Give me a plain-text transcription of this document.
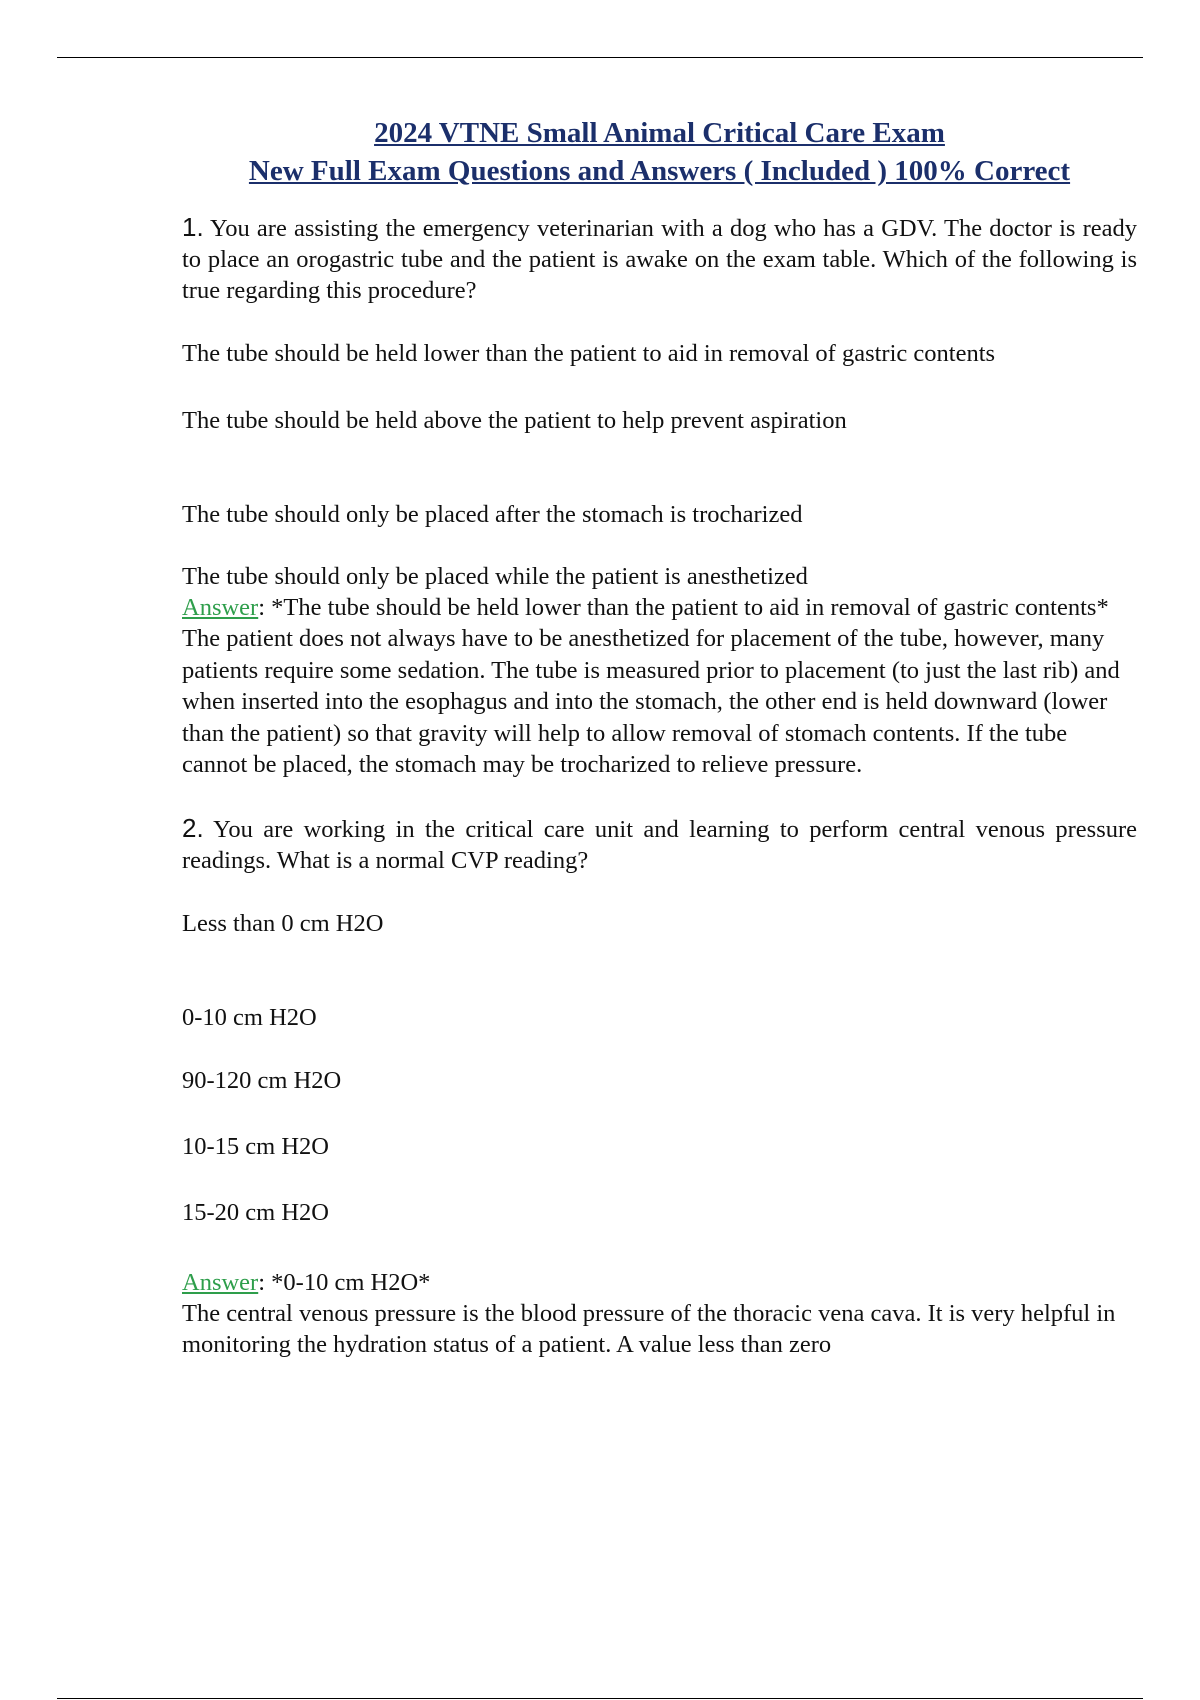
2024 VTNE Small Animal Critical Care Exam

New Full Exam Questions and Answers ( Included ) 100% Correct

1. You are assisting the emergency veterinarian with a dog who has a GDV. The doctor is ready to place an orogastric tube and the patient is awake on the exam table. Which of the following is true regarding this procedure?

The tube should be held lower than the patient to aid in removal of gastric contents

The tube should be held above the patient to help prevent aspiration

The tube should only be placed after the stomach is trocharized

The tube should only be placed while the patient is anesthetized

Answer: *The tube should be held lower than the patient to aid in removal of gastric contents*

The patient does not always have to be anesthetized for placement of the tube, however, many patients require some sedation. The tube is measured prior to placement (to just the last rib) and when inserted into the esophagus and into the stomach, the other end is held downward (lower than the patient) so that gravity will help to allow removal of stomach contents. If the tube cannot be placed, the stomach may be trocharized to relieve pressure.

2. You are working in the critical care unit and learning to perform central venous pressure readings. What is a normal CVP reading?

Less than 0 cm H2O

0-10 cm H2O

90-120 cm H2O

10-15 cm H2O

15-20 cm H2O

Answer: *0-10 cm H2O*

The central venous pressure is the blood pressure of the thoracic vena cava. It is very helpful in monitoring the hydration status of a patient. A value less than zero
